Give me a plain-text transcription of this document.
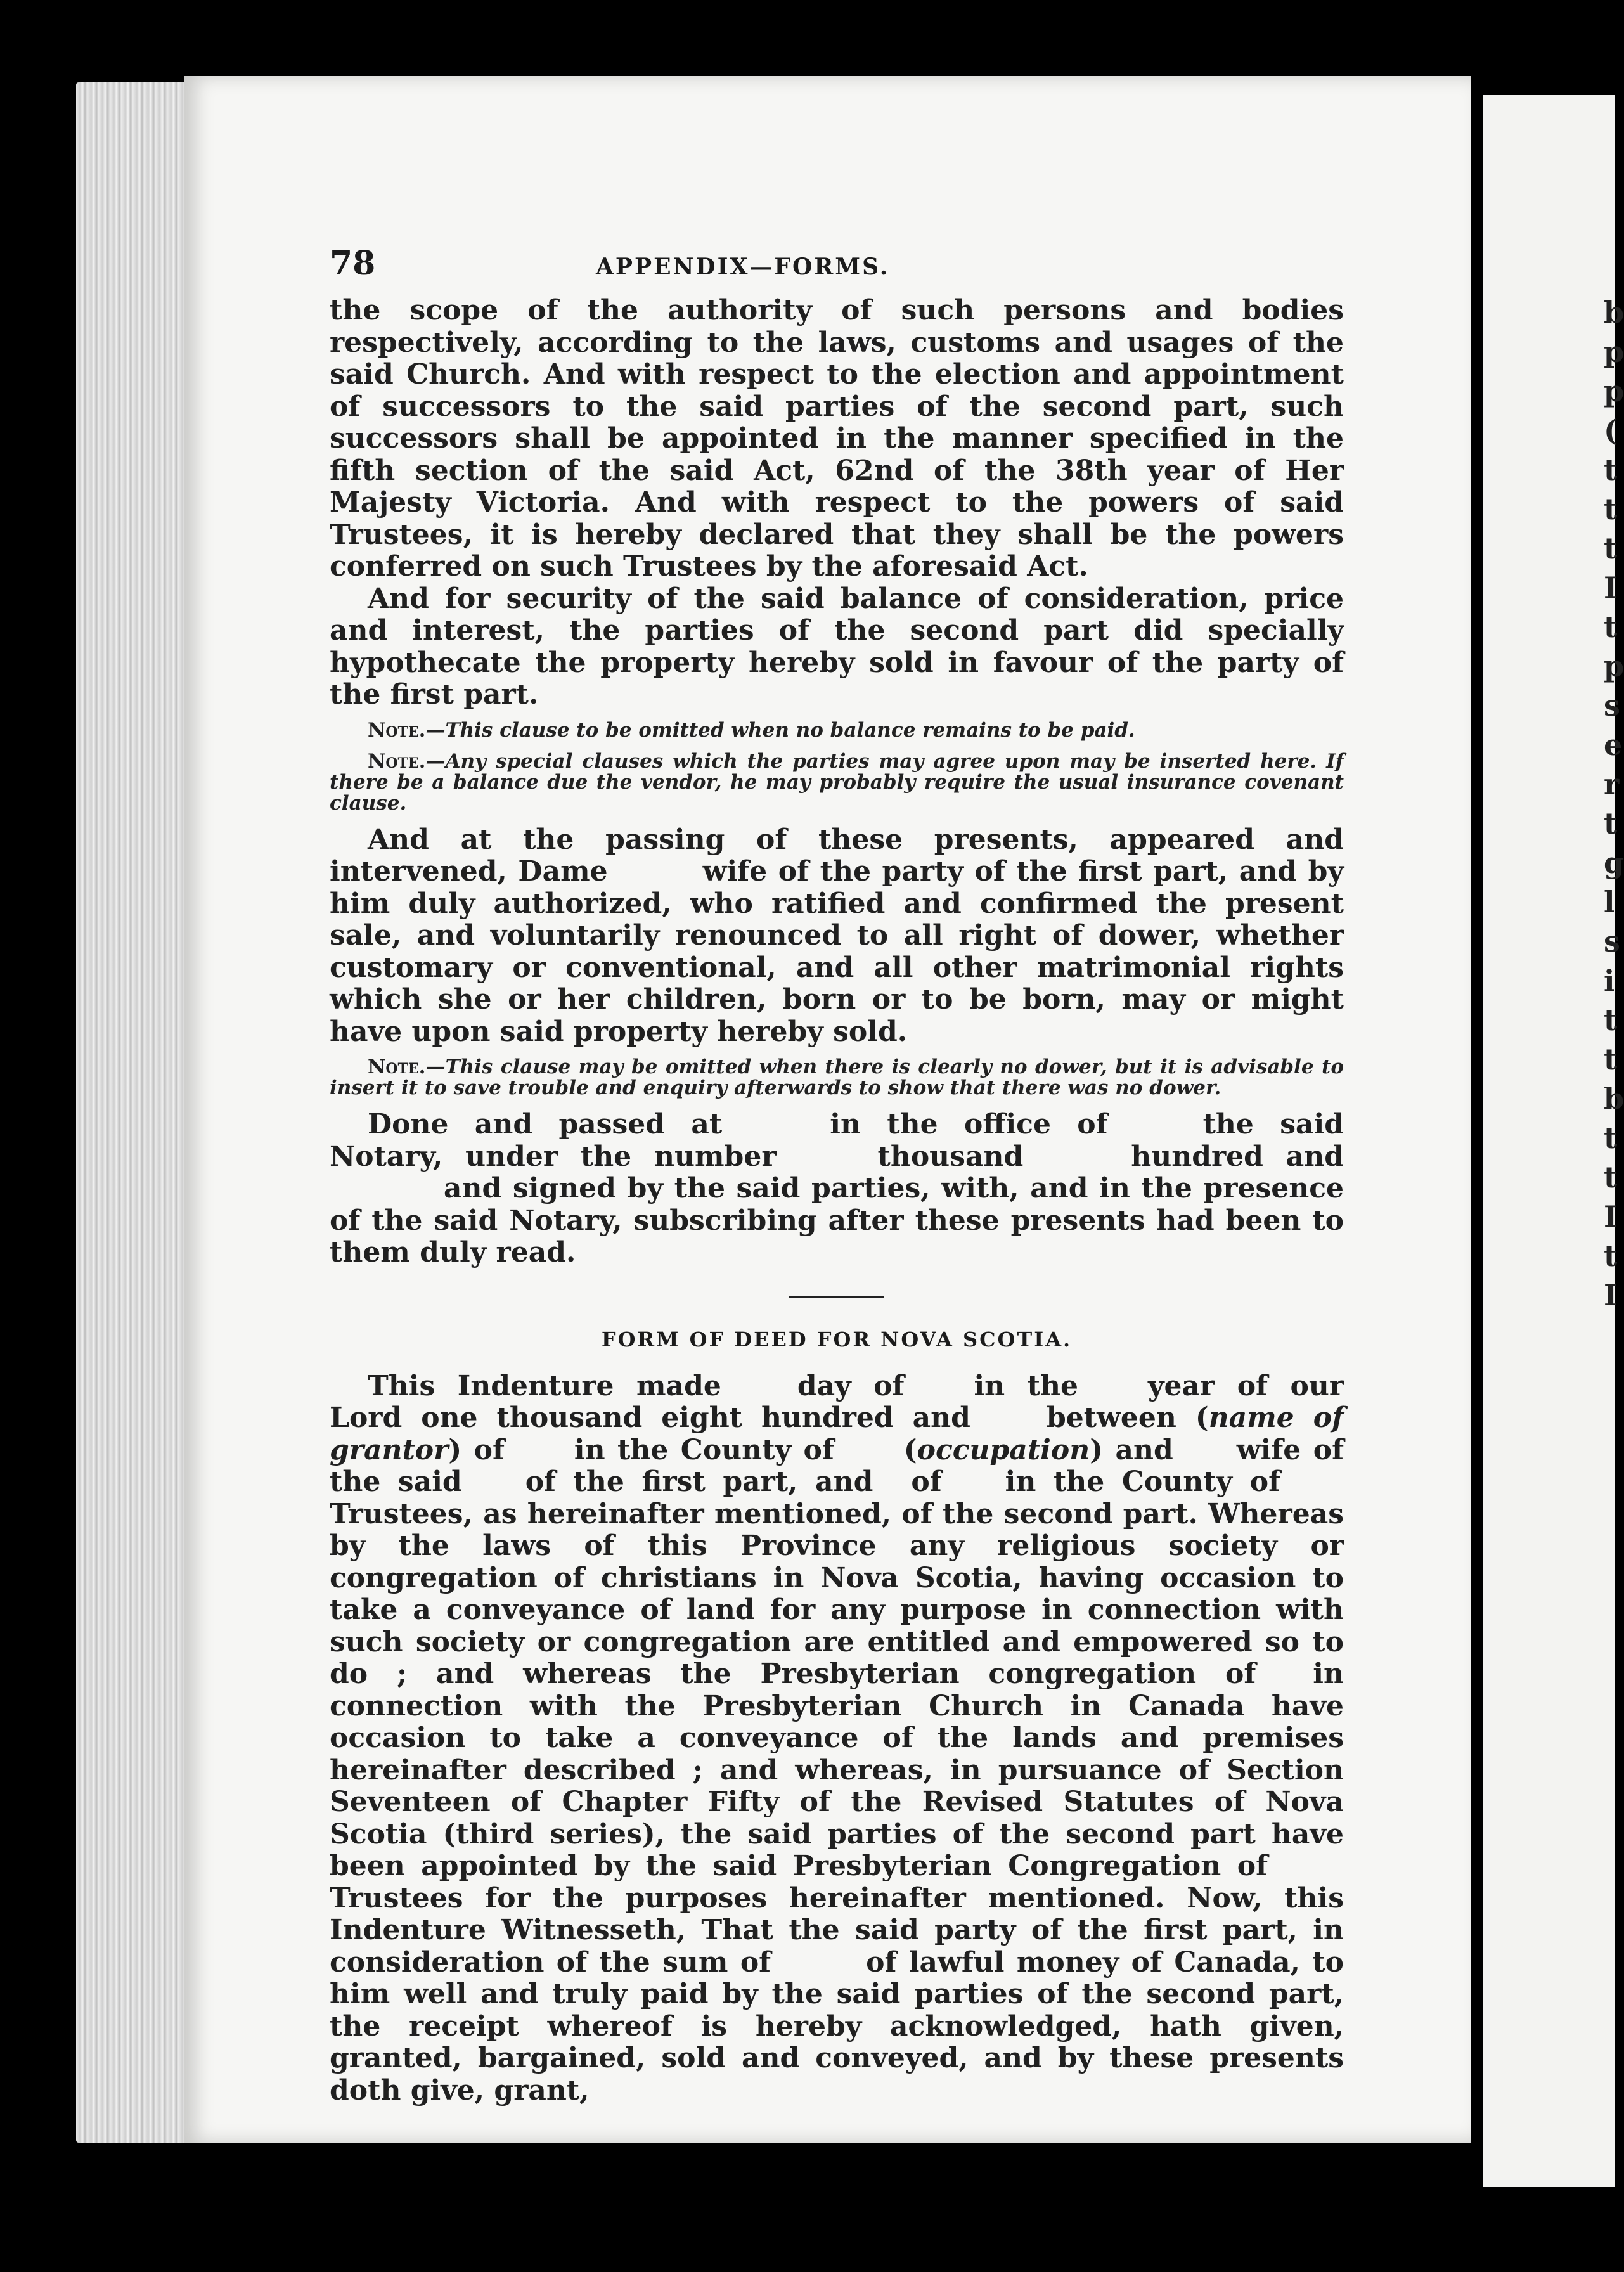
b
p
p
(
t
t
t
I
t
p
s
e
r
t
g
l
s
i
t
t
b
t
t
I
t
I
78	APPENDIX—FORMS.

the scope of the authority of such persons and bodies respectively, according to the laws, customs and usages of the said Church. And with respect to the election and appointment of successors to the said parties of the second part, such successors shall be appointed in the manner specified in the fifth section of the said Act, 62nd of the 38th year of Her Majesty Victoria. And with respect to the powers of said Trustees, it is hereby declared that they shall be the powers conferred on such Trustees by the aforesaid Act.

And for security of the said balance of consideration, price and interest, the parties of the second part did specially hypothecate the property hereby sold in favour of the party of the first part.

Note.—This clause to be omitted when no balance remains to be paid.
Note.—Any special clauses which the parties may agree upon may be inserted here. If there be a balance due the vendor, he may probably require the usual insurance covenant clause.

And at the passing of these presents, appeared and intervened, Dame	wife of the party of the first part, and by him duly authorized, who ratified and confirmed the present sale, and voluntarily renounced to all right of dower, whether customary or conventional, and all other matrimonial rights which she or her children, born or to be born, may or might have upon said property hereby sold.

Note.—This clause may be omitted when there is clearly no dower, but it is advisable to insert it to save trouble and enquiry afterwards to show that there was no dower.

Done and passed at	in the office of	the said Notary, under the number	thousand	hundred andand signed by the said parties, with, and in the presence of the said Notary, subscribing after these presents had been to them duly read.

FORM OF DEED FOR NOVA SCOTIA.

This Indenture made	day of	in the	year of our Lord one thousand eight hundred and	between (name of grantor) of	in the County of	(occupation) and wife of the said of the first part, and of in the County ofTrustees, as hereinafter mentioned, of the second part. Whereas by the laws of this Province any religious society or congregation of christians in Nova Scotia, having occasion to take a conveyance of land for any purpose in connection with such society or congregation are entitled and empowered so to do ; and whereas the Presbyterian congregation of in connection with the Presbyterian Church in Canada have occasion to take a conveyance of the lands and premises hereinafter described ; and whereas, in pursuance of Section Seventeen of Chapter Fifty of the Revised Statutes of Nova Scotia (third series), the said parties of the second part have been appointed by the said Presbyterian Congregation ofTrustees for the purposes hereinafter mentioned. Now, this Indenture Witnesseth, That the said party of the first part, in consideration of the sum of	of lawful money of Canada, to him well and truly paid by the said parties of the second part, the receipt whereof is hereby acknowledged, hath given, granted, bargained, sold and conveyed, and by these presents doth give, grant,
